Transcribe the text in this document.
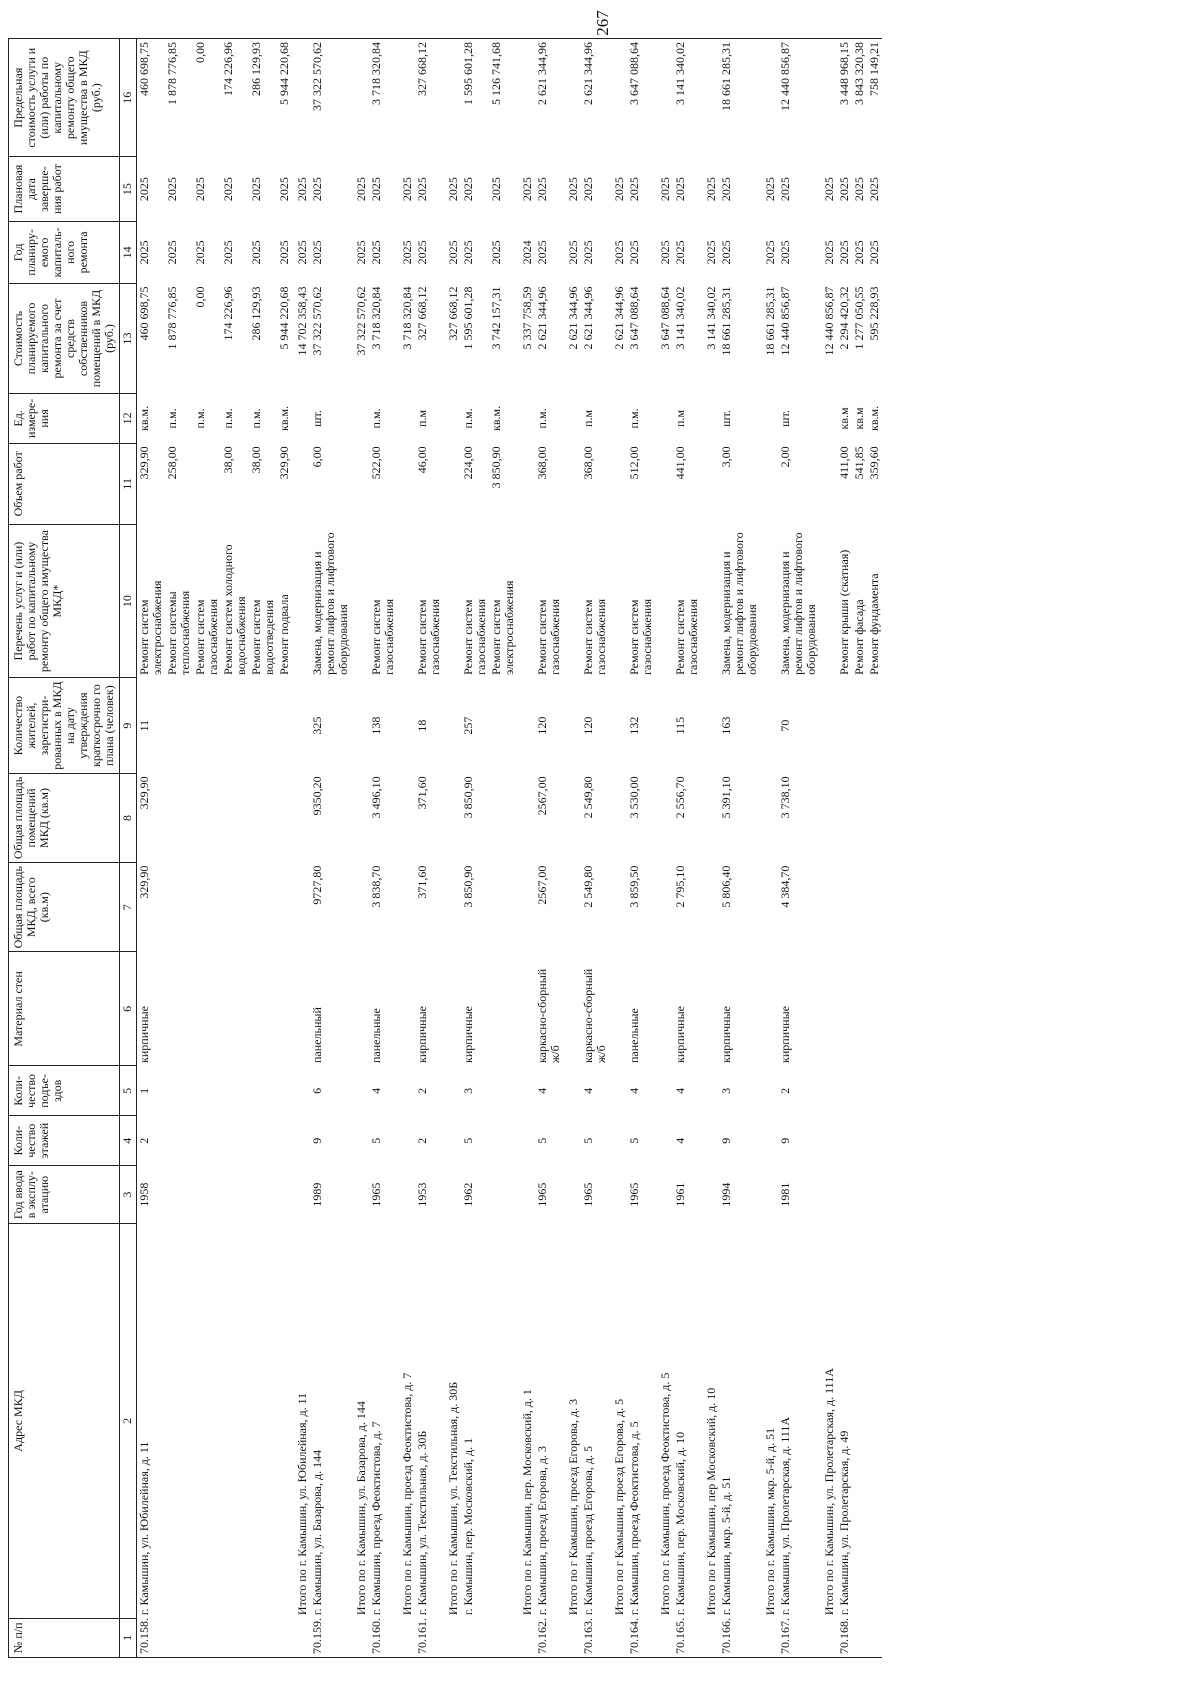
267
№ п/п	Адрес МКД	Год ввода в эксплу-атацию	Коли-чество этажей	Коли-чество подъе-здов	Материал стен	Общая площадь МКД, всего (кв.м)	Общая площадь помещений МКД (кв.м)	Количество жителей, зарегистри-рованных в МКД на дату утверждения краткосрочно го плана (человек)	Перечень услуг и (или) работ по капитальному ремонту общего имущества МКД*	Объем работ	Ед. измере-ния	Стоимость планируемого капитального ремонта за счет средств собственников помещений в МКД (руб.)	Год планиру-емого капиталь-ного ремонта	Плановая дата заверше-ния работ	Предельная стоимость услуги и (или) работы по капитальному ремонту общего имущества в МКД (руб.)
1	2	3	4	5	6	7	8	9	10	11	12	13	14	15	16
70.158.	г. Камышин, ул. Юбилейная, д. 11	1958	2	1	кирпичные	329,90	329,90	11	Ремонт систем электроснабжения	329,90	кв.м.	460 698,75	2025	2025	460 698,75
									Ремонт системы теплоснабжения	258,00	п.м.	1 878 776,85	2025	2025	1 878 776,85
									Ремонт систем газоснабжения		п.м.	0,00	2025	2025	0,00
									Ремонт систем холодного водоснабжения	38,00	п.м.	174 226,96	2025	2025	174 226,96
									Ремонт систем водоотведения	38,00	п.м.	286 129,93	2025	2025	286 129,93
									Ремонт подвала	329,90	кв.м.	5 944 220,68	2025	2025	5 944 220,68
	Итого по г. Камышин, ул. Юбилейная, д. 11											14 702 358,43	2025	2025	
70.159.	г. Камышин, ул. Базарова, д. 144	1989	9	6	панельный	9727,80	9350,20	325	Замена, модернизация и ремонт лифтов и лифтового оборудования	6,00	шт.	37 322 570,62	2025	2025	37 322 570,62
	Итого по г. Камышин, ул. Базарова, д. 144											37 322 570,62	2025	2025	
70.160.	г. Камышин, проезд Феоктистова, д. 7	1965	5	4	панельные	3 838,70	3 496,10	138	Ремонт систем газоснабжения	522,00	п.м.	3 718 320,84	2025	2025	3 718 320,84
	Итого по г. Камышин, проезд Феоктистова, д. 7											3 718 320,84	2025	2025	
70.161.	г. Камышин, ул. Текстильная, д. 30Б	1953	2	2	кирпичные	371,60	371,60	18	Ремонт систем газоснабжения	46,00	п.м	327 668,12	2025	2025	327 668,12
	Итого по г. Камышин, ул. Текстильная, д. 30Б											327 668,12	2025	2025	
	г. Камышин, пер. Московский, д. 1	1962	5	3	кирпичные	3 850,90	3 850,90	257	Ремонт систем газоснабжения	224,00	п.м.	1 595 601,28	2025	2025	1 595 601,28
									Ремонт систем электроснабжения	3 850,90	кв.м.	3 742 157,31	2025	2025	5 126 741,68
	Итого по г. Камышин, пер. Московский, д. 1											5 337 758,59	2024	2025	
70.162.	г. Камышин, проезд Егорова, д. 3	1965	5	4	каркасно-сборный ж/б	2567,00	2567,00	120	Ремонт систем газоснабжения	368,00	п.м.	2 621 344,96	2025	2025	2 621 344,96
	Итого по г Камышин, проезд Егорова, д. 3											2 621 344,96	2025	2025	
70.163.	г. Камышин, проезд Егорова, д. 5	1965	5	4	каркасно-сборный ж/б	2 549,80	2 549,80	120	Ремонт систем газоснабжения	368,00	п.м	2 621 344,96	2025	2025	2 621 344,96
	Итого по г Камышин, проезд Егорова, д. 5											2 621 344,96	2025	2025	
70.164.	г. Камышин, проезд Феоктистова, д. 5	1965	5	4	панельные	3 859,50	3 530,00	132	Ремонт систем газоснабжения	512,00	п.м.	3 647 088,64	2025	2025	3 647 088,64
	Итого по г. Камышин, проезд Феоктистова, д. 5											3 647 088,64	2025	2025	
70.165.	г. Камышин, пер. Московский, д. 10	1961	4	4	кирпичные	2 795,10	2 556,70	115	Ремонт систем газоснабжения	441,00	п.м	3 141 340,02	2025	2025	3 141 340,02
	Итого по г Камышин, пер Московский, д. 10											3 141 340,02	2025	2025	
70.166.	г. Камышин, мкр. 5-й, д. 51	1994	9	3	кирпичные	5 806,40	5 391,10	163	Замена, модернизация и ремонт лифтов и лифтового оборудования	3,00	шт.	18 661 285,31	2025	2025	18 661 285,31
	Итого по г. Камышин, мкр. 5-й, д. 51											18 661 285,31	2025	2025	
70.167.	г. Камышин, ул. Пролетарская, д. 111А	1981	9	2	кирпичные	4 384,70	3 738,10	70	Замена, модернизация и ремонт лифтов и лифтового оборудования	2,00	шт.	12 440 856,87	2025	2025	12 440 856,87
	Итого по г. Камышин, ул. Пролетарская, д. 111А											12 440 856,87	2025	2025	
70.168.	г. Камышин, ул. Пролетарская, д. 49								Ремонт крыши (скатная)	411,00	кв.м	2 294 420,32	2025	2025	3 448 968,15
									Ремонт фасада	541,85	кв.м	1 277 050,55	2025	2025	3 843 320,38
									Ремонт фундамента	359,60	кв.м.	595 228,93	2025	2025	758 149,21
